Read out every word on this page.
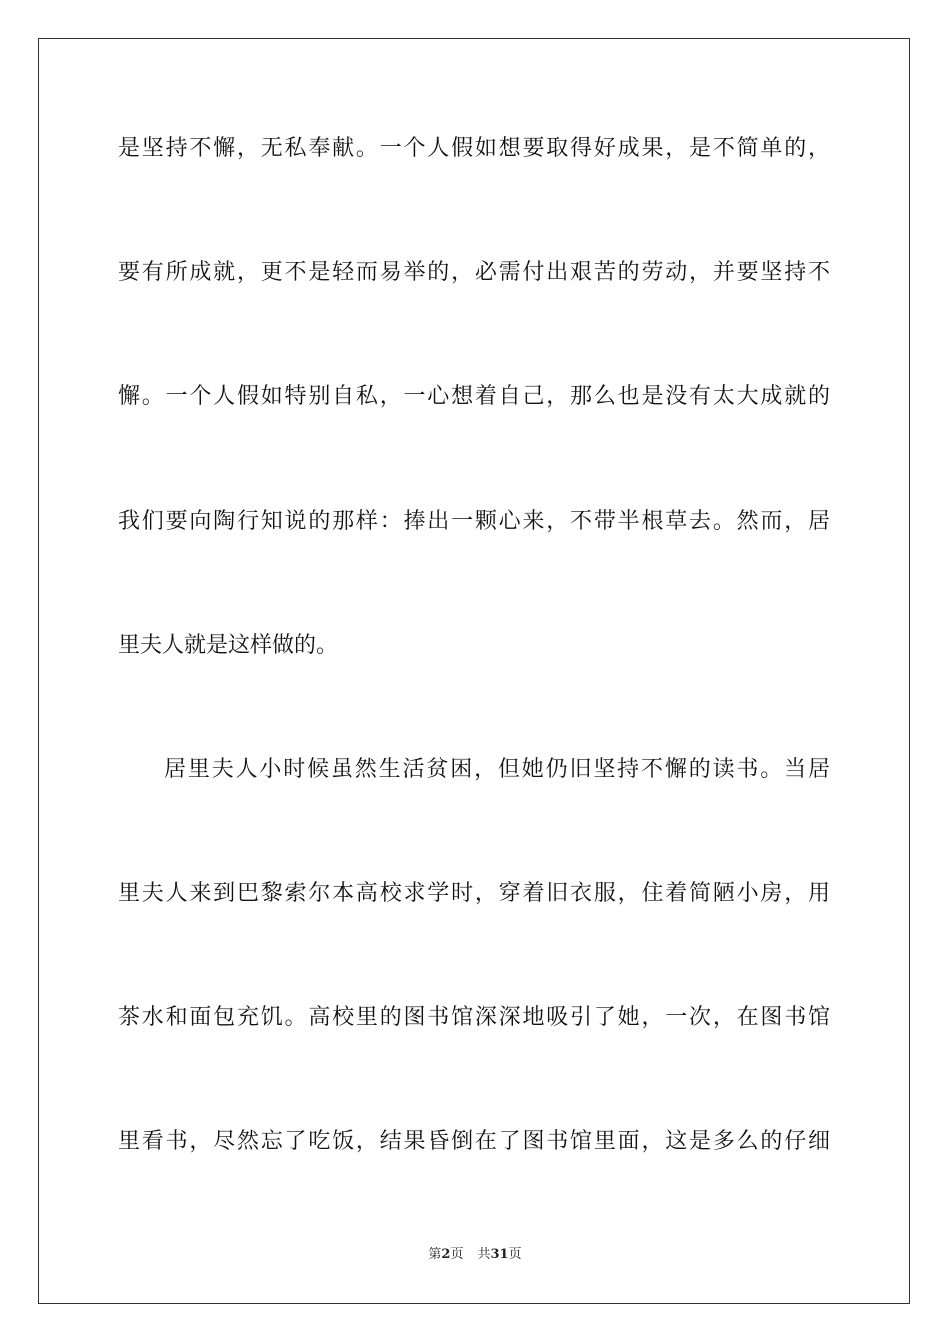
是坚持不懈，无私奉献。一个人假如想要取得好成果，是不简单的，
要有所成就，更不是轻而易举的，必需付出艰苦的劳动，并要坚持不
懈。一个人假如特别自私，一心想着自己，那么也是没有太大成就的
我们要向陶行知说的那样：捧出一颗心来，不带半根草去。然而，居
里夫人就是这样做的。
居里夫人小时候虽然生活贫困，但她仍旧坚持不懈的读书。当居
里夫人来到巴黎索尔本高校求学时，穿着旧衣服，住着简陋小房，用
茶水和面包充饥。高校里的图书馆深深地吸引了她，一次，在图书馆
里看书，尽然忘了吃饭，结果昏倒在了图书馆里面，这是多么的仔细
第2页 共31页
